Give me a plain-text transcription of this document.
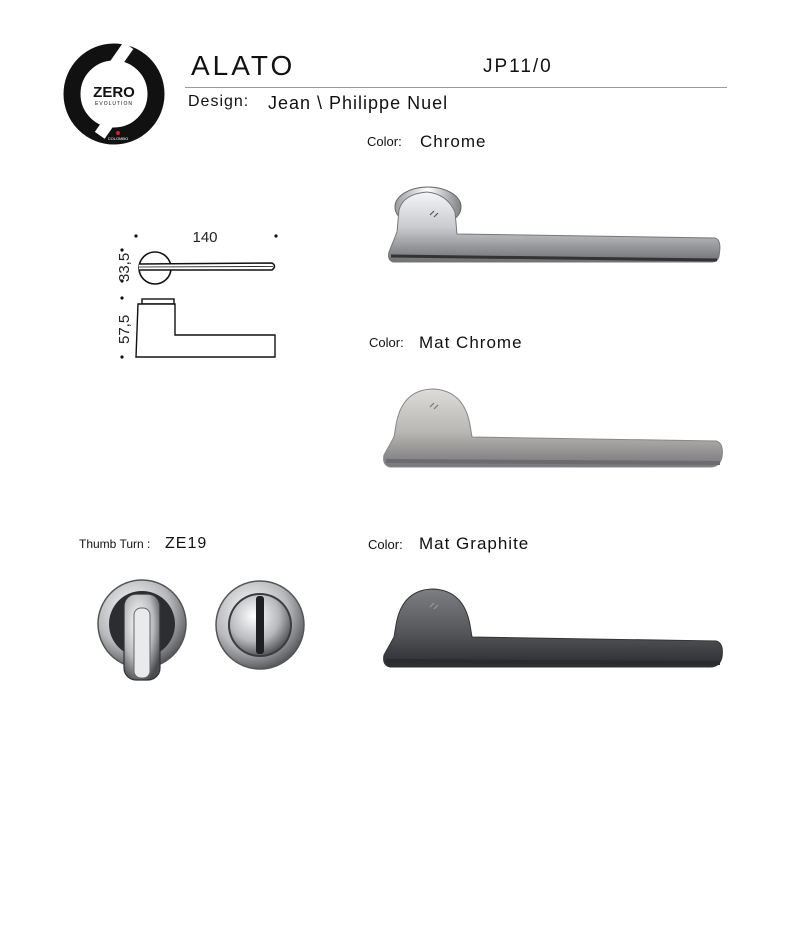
ZERO
EVOLUTION
COLOMBO
ALATO	JP11/0
Design: Jean \ Philippe Nuel
140
33,5
57,5
Color: Chrome
Color: Mat Chrome
Thumb Turn : ZE19	Color: Mat Graphite
